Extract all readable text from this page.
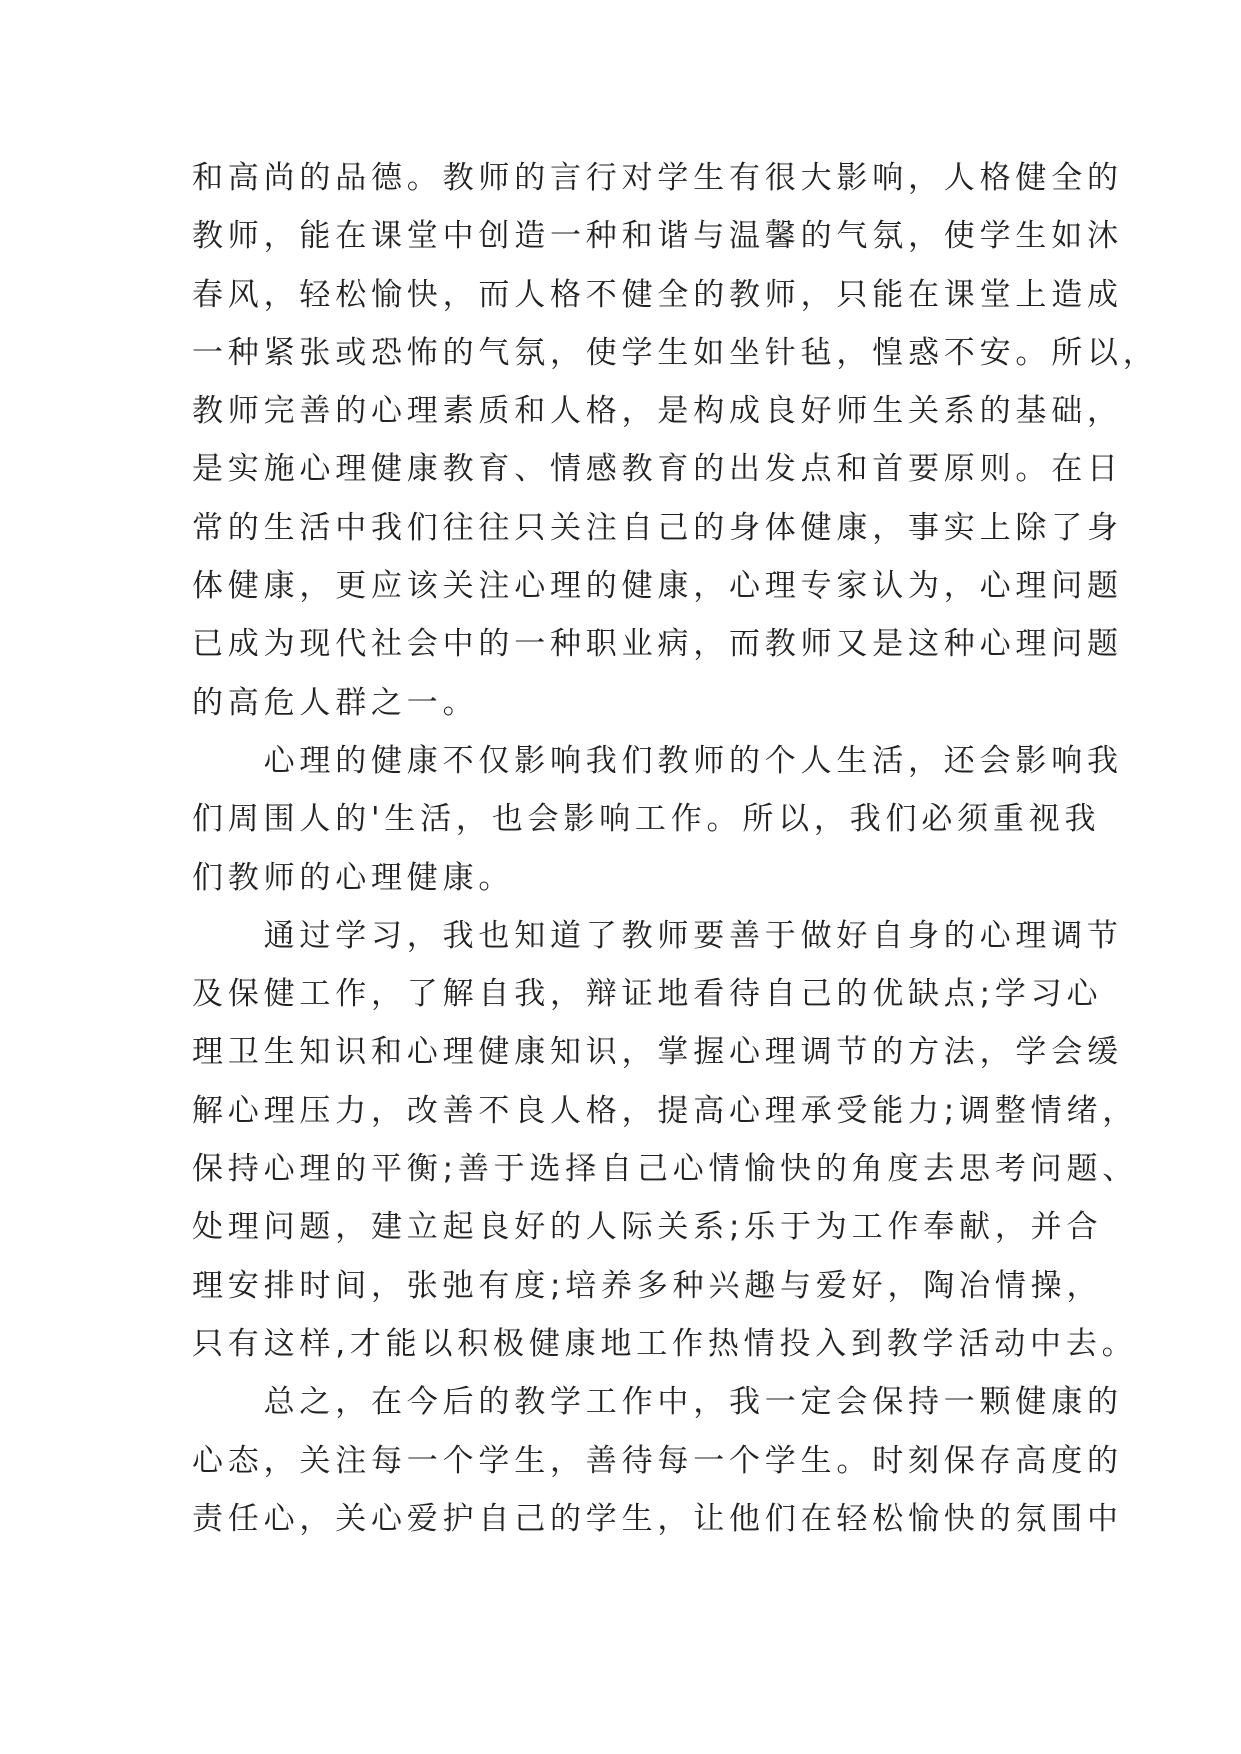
和高尚的品德。教师的言行对学生有很大影响，人格健全的
教师，能在课堂中创造一种和谐与温馨的气氛，使学生如沐
春风，轻松愉快，而人格不健全的教师，只能在课堂上造成
一种紧张或恐怖的气氛，使学生如坐针毡，惶惑不安。所以，
教师完善的心理素质和人格，是构成良好师生关系的基础，
是实施心理健康教育、情感教育的出发点和首要原则。在日
常的生活中我们往往只关注自己的身体健康，事实上除了身
体健康，更应该关注心理的健康，心理专家认为，心理问题
已成为现代社会中的一种职业病，而教师又是这种心理问题
的高危人群之一。
　　心理的健康不仅影响我们教师的个人生活，还会影响我
们周围人的'生活，也会影响工作。所以，我们必须重视我
们教师的心理健康。
　　通过学习，我也知道了教师要善于做好自身的心理调节
及保健工作，了解自我，辩证地看待自己的优缺点;学习心
理卫生知识和心理健康知识，掌握心理调节的方法，学会缓
解心理压力，改善不良人格，提高心理承受能力;调整情绪，
保持心理的平衡;善于选择自己心情愉快的角度去思考问题、
处理问题，建立起良好的人际关系;乐于为工作奉献，并合
理安排时间，张弛有度;培养多种兴趣与爱好，陶冶情操，
只有这样,才能以积极健康地工作热情投入到教学活动中去。
　　总之，在今后的教学工作中，我一定会保持一颗健康的
心态，关注每一个学生，善待每一个学生。时刻保存高度的
责任心，关心爱护自己的学生，让他们在轻松愉快的氛围中
